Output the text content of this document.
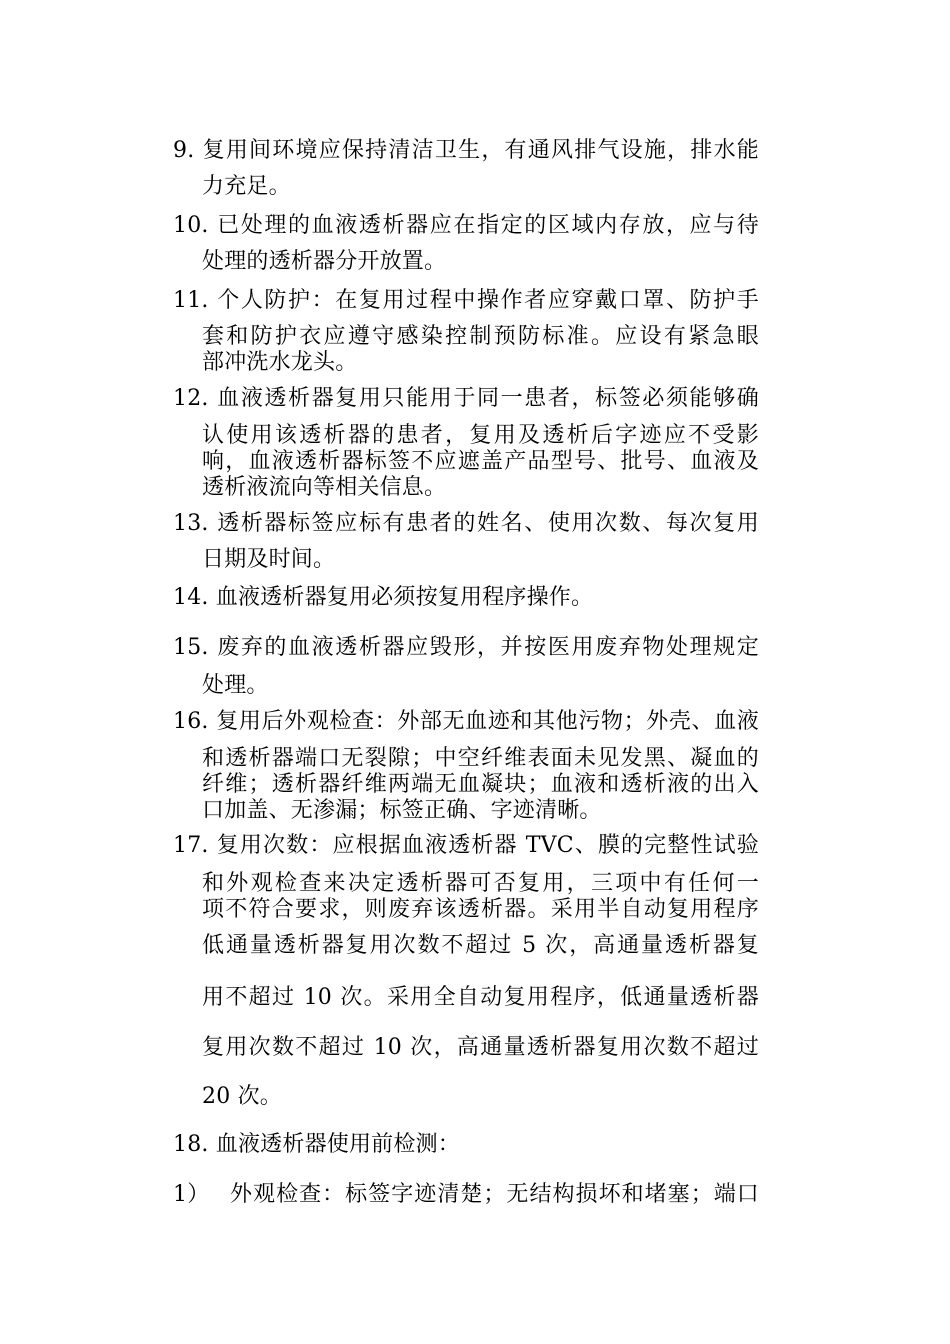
9. 复用间环境应保持清洁卫生，有通风排气设施，排水能
力充足。
10. 已处理的血液透析器应在指定的区域内存放，应与待
处理的透析器分开放置。
11. 个人防护：在复用过程中操作者应穿戴口罩、防护手
套和防护衣应遵守感染控制预防标准。应设有紧急眼
部冲洗水龙头。
12. 血液透析器复用只能用于同一患者，标签必须能够确
认使用该透析器的患者，复用及透析后字迹应不受影
响，血液透析器标签不应遮盖产品型号、批号、血液及
透析液流向等相关信息。
13. 透析器标签应标有患者的姓名、使用次数、每次复用
日期及时间。
14. 血液透析器复用必须按复用程序操作。
15. 废弃的血液透析器应毁形，并按医用废弃物处理规定
处理。
16. 复用后外观检查：外部无血迹和其他污物；外壳、血液
和透析器端口无裂隙；中空纤维表面未见发黑、凝血的
纤维；透析器纤维两端无血凝块；血液和透析液的出入
口加盖、无渗漏；标签正确、字迹清晰。
17. 复用次数：应根据血液透析器 TVC、膜的完整性试验
和外观检查来决定透析器可否复用，三项中有任何一
项不符合要求，则废弃该透析器。采用半自动复用程序
低通量透析器复用次数不超过 5 次，高通量透析器复
用不超过 10 次。采用全自动复用程序，低通量透析器
复用次数不超过 10 次，高通量透析器复用次数不超过
20 次。
18. 血液透析器使用前检测：
1） 外观检查：标签字迹清楚；无结构损坏和堵塞；端口
